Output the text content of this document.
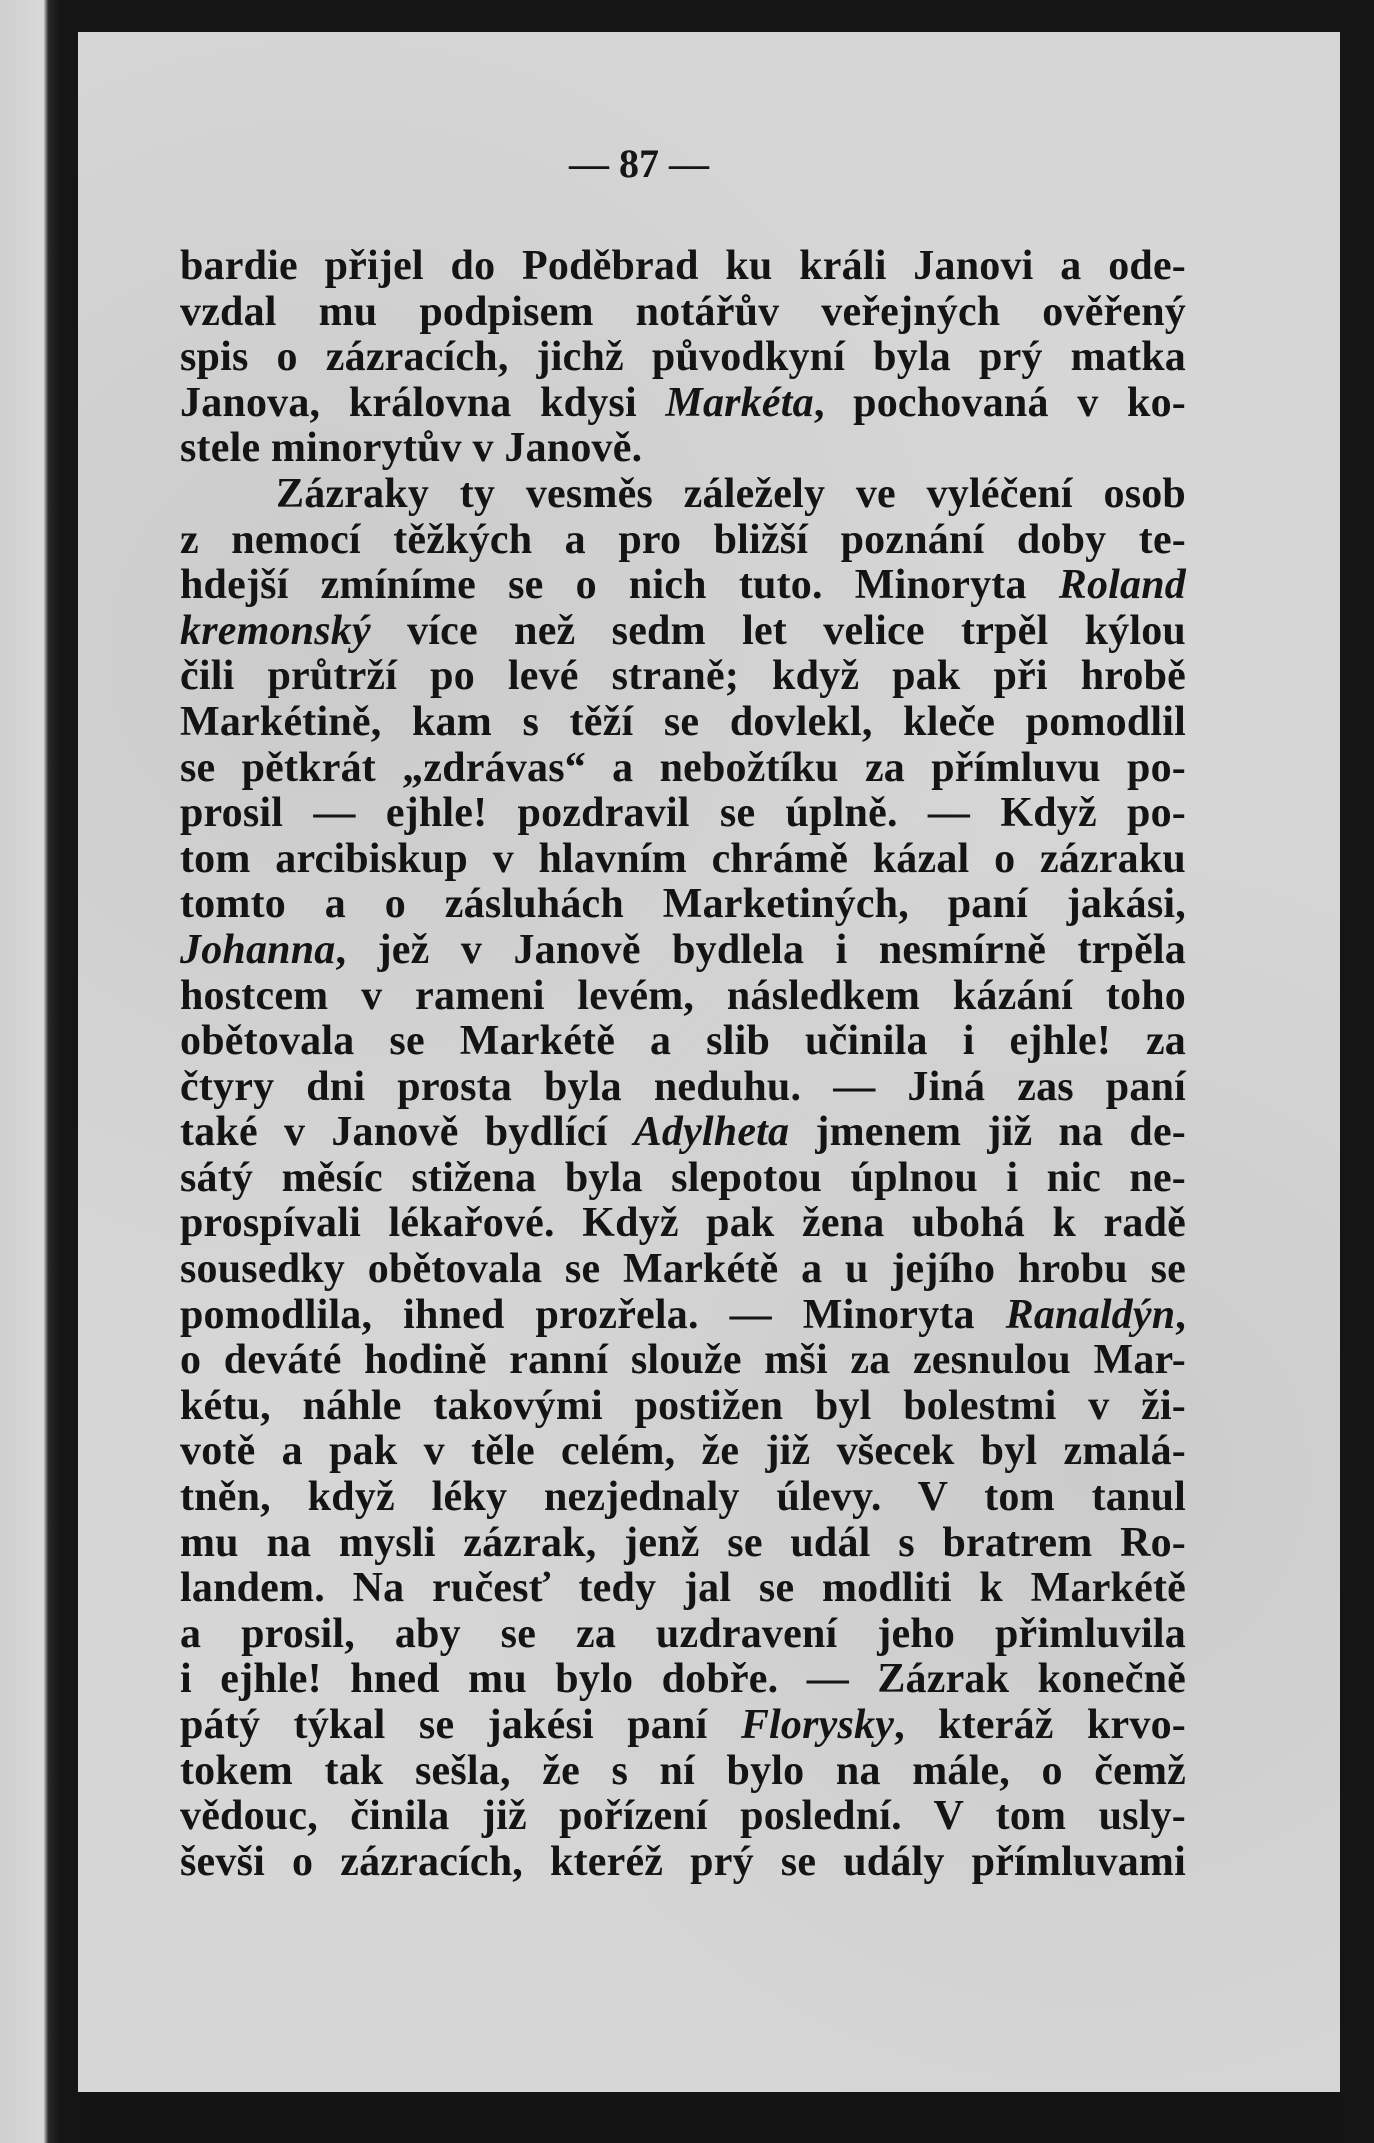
— 87 —
bardie přijel do Poděbrad ku králi Janovi a ode-
vzdal mu podpisem notářův veřejných ověřený
spis o zázracích, jichž původkyní byla prý matka
Janova, královna kdysi Markéta, pochovaná v ko-
stele minorytův v Janově.
Zázraky ty vesměs záležely ve vyléčení osob
z nemocí těžkých a pro bližší poznání doby te-
hdejší zmíníme se o nich tuto. Minoryta Roland
kremonský více než sedm let velice trpěl kýlou
čili průtrží po levé straně; když pak při hrobě
Markétině, kam s těží se dovlekl, kleče pomodlil
se pětkrát „zdrávas“ a nebožtíku za přímluvu po-
prosil — ejhle! pozdravil se úplně. — Když po-
tom arcibiskup v hlavním chrámě kázal o zázraku
tomto a o zásluhách Marketiných, paní jakási,
Johanna, jež v Janově bydlela i nesmírně trpěla
hostcem v rameni levém, následkem kázání toho
obětovala se Markétě a slib učinila i ejhle! za
čtyry dni prosta byla neduhu. — Jiná zas paní
také v Janově bydlící Adylheta jmenem již na de-
sátý měsíc stižena byla slepotou úplnou i nic ne-
prospívali lékařové. Když pak žena ubohá k radě
sousedky obětovala se Markétě a u jejího hrobu se
pomodlila, ihned prozřela. — Minoryta Ranaldýn,
o deváté hodině ranní slouže mši za zesnulou Mar-
kétu, náhle takovými postižen byl bolestmi v ži-
votě a pak v těle celém, že již všecek byl zmalá-
tněn, když léky nezjednaly úlevy. V tom tanul
mu na mysli zázrak, jenž se udál s bratrem Ro-
landem. Na ručesť tedy jal se modliti k Markétě
a prosil, aby se za uzdravení jeho přimluvila
i ejhle! hned mu bylo dobře. — Zázrak konečně
pátý týkal se jakési paní Florysky, kteráž krvo-
tokem tak sešla, že s ní bylo na mále, o čemž
vědouc, činila již pořízení poslední. V tom usly-
ševši o zázracích, kteréž prý se udály přímluvami
